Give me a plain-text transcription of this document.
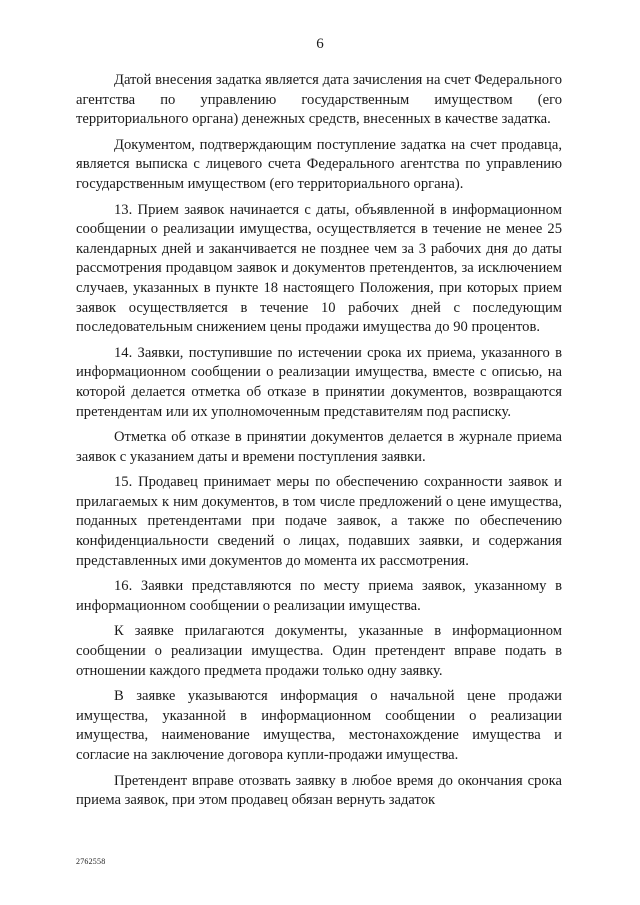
6

Датой внесения задатка является дата зачисления на счет Федерального агентства по управлению государственным имуществом (его территориального органа) денежных средств, внесенных в качестве задатка.

Документом, подтверждающим поступление задатка на счет продавца, является выписка с лицевого счета Федерального агентства по управлению государственным имуществом (его территориального органа).

13. Прием заявок начинается с даты, объявленной в информационном сообщении о реализации имущества, осуществляется в течение не менее 25 календарных дней и заканчивается не позднее чем за 3 рабочих дня до даты рассмотрения продавцом заявок и документов претендентов, за исключением случаев, указанных в пункте 18 настоящего Положения, при которых прием заявок осуществляется в течение 10 рабочих дней с последующим последовательным снижением цены продажи имущества до 90 процентов.

14. Заявки, поступившие по истечении срока их приема, указанного в информационном сообщении о реализации имущества, вместе с описью, на которой делается отметка об отказе в принятии документов, возвращаются претендентам или их уполномоченным представителям под расписку.

Отметка об отказе в принятии документов делается в журнале приема заявок с указанием даты и времени поступления заявки.

15. Продавец принимает меры по обеспечению сохранности заявок и прилагаемых к ним документов, в том числе предложений о цене имущества, поданных претендентами при подаче заявок, а также по обеспечению конфиденциальности сведений о лицах, подавших заявки, и содержания представленных ими документов до момента их рассмотрения.

16. Заявки представляются по месту приема заявок, указанному в информационном сообщении о реализации имущества.

К заявке прилагаются документы, указанные в информационном сообщении о реализации имущества. Один претендент вправе подать в отношении каждого предмета продажи только одну заявку.

В заявке указываются информация о начальной цене продажи имущества, указанной в информационном сообщении о реализации имущества, наименование имущества, местонахождение имущества и согласие на заключение договора купли-продажи имущества.

Претендент вправе отозвать заявку в любое время до окончания срока приема заявок, при этом продавец обязан вернуть задаток

2762558
